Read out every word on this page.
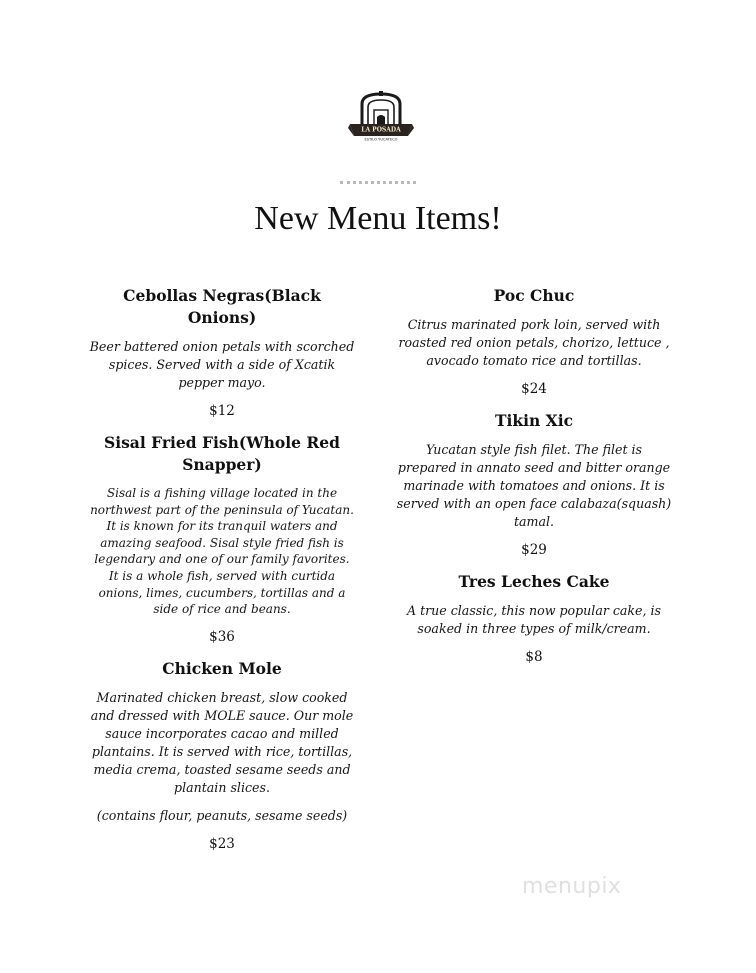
LA POSADA
ESTILO YUCATECO
New Menu Items!

Cebollas Negras(Black Onions)

Beer battered onion petals with scorched spices. Served with a side of Xcatik pepper mayo.

$12

Sisal Fried Fish(Whole Red Snapper)

Sisal is a fishing village located in the northwest part of the peninsula of Yucatan. It is known for its tranquil waters and amazing seafood. Sisal style fried fish is legendary and one of our family favorites. It is a whole fish, served with curtida onions, limes, cucumbers, tortillas and a side of rice and beans.

$36

Chicken Mole

Marinated chicken breast, slow cooked and dressed with MOLE sauce. Our mole sauce incorporates cacao and milled plantains. It is served with rice, tortillas, media crema, toasted sesame seeds and plantain slices.

(contains flour, peanuts, sesame seeds)

$23

Poc Chuc

Citrus marinated pork loin, served with roasted red onion petals, chorizo, lettuce , avocado tomato rice and tortillas.

$24

Tikin Xic

Yucatan style fish filet. The filet is prepared in annato seed and bitter orange marinade with tomatoes and onions. It is served with an open face calabaza(squash) tamal.

$29

Tres Leches Cake

A true classic, this now popular cake, is soaked in three types of milk/cream.

$8

menupix
